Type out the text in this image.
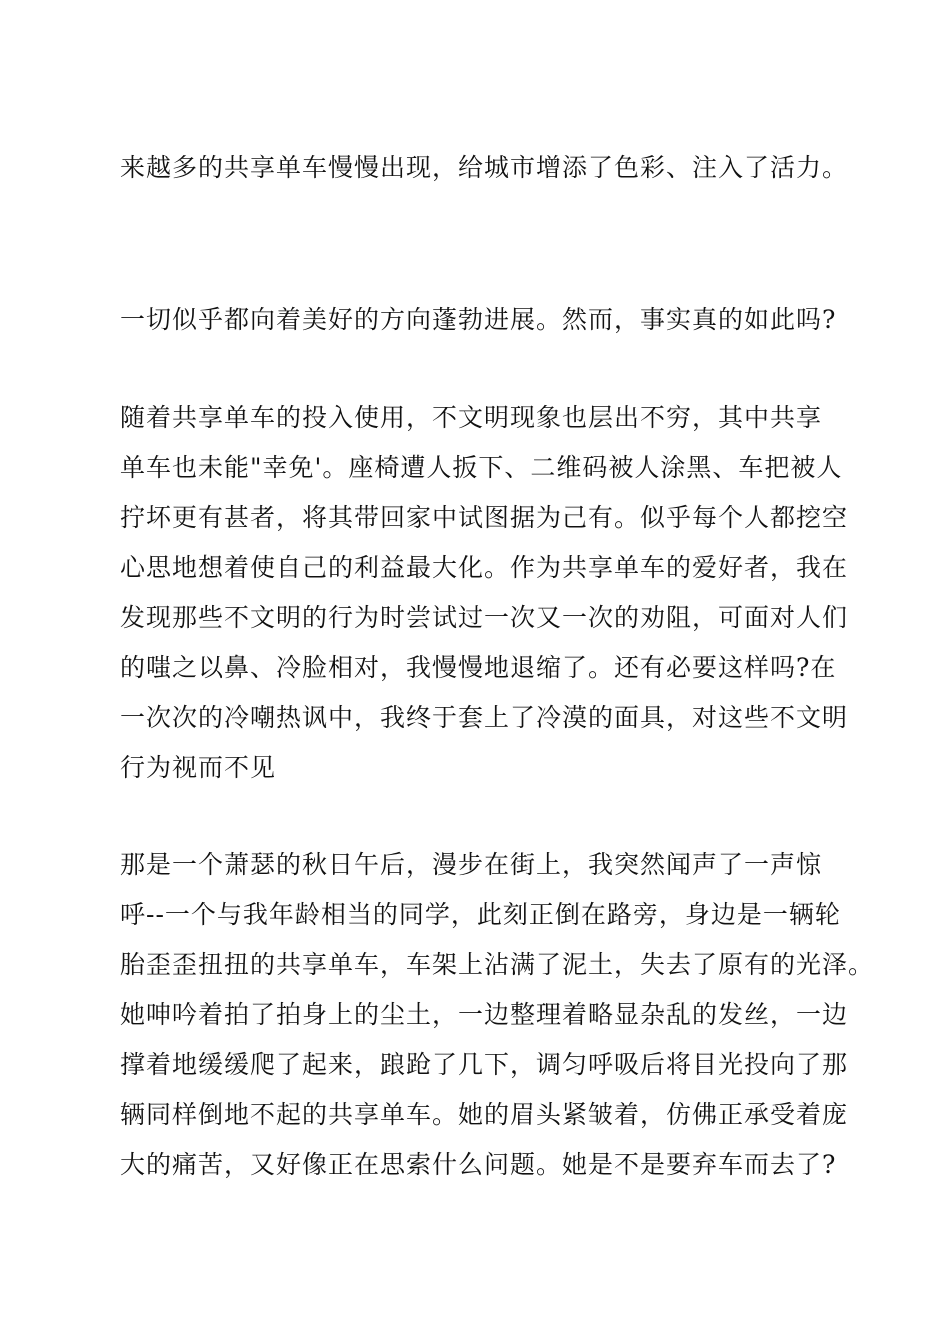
来越多的共享单车慢慢出现，给城市增添了色彩、注入了活力。
一切似乎都向着美好的方向蓬勃进展。然而，事实真的如此吗?
随着共享单车的投入使用，不文明现象也层出不穷，其中共享
单车也未能"幸免'。座椅遭人扳下、二维码被人涂黑、车把被人
拧坏更有甚者，将其带回家中试图据为己有。似乎每个人都挖空
心思地想着使自己的利益最大化。作为共享单车的爱好者，我在
发现那些不文明的行为时尝试过一次又一次的劝阻，可面对人们
的嗤之以鼻、冷脸相对，我慢慢地退缩了。还有必要这样吗?在
一次次的冷嘲热讽中，我终于套上了冷漠的面具，对这些不文明
行为视而不见
那是一个萧瑟的秋日午后，漫步在街上，我突然闻声了一声惊
呼--一个与我年龄相当的同学，此刻正倒在路旁，身边是一辆轮
胎歪歪扭扭的共享单车，车架上沾满了泥土，失去了原有的光泽。
她呻吟着拍了拍身上的尘土，一边整理着略显杂乱的发丝，一边
撑着地缓缓爬了起来，踉跄了几下，调匀呼吸后将目光投向了那
辆同样倒地不起的共享单车。她的眉头紧皱着，仿佛正承受着庞
大的痛苦，又好像正在思索什么问题。她是不是要弃车而去了?
